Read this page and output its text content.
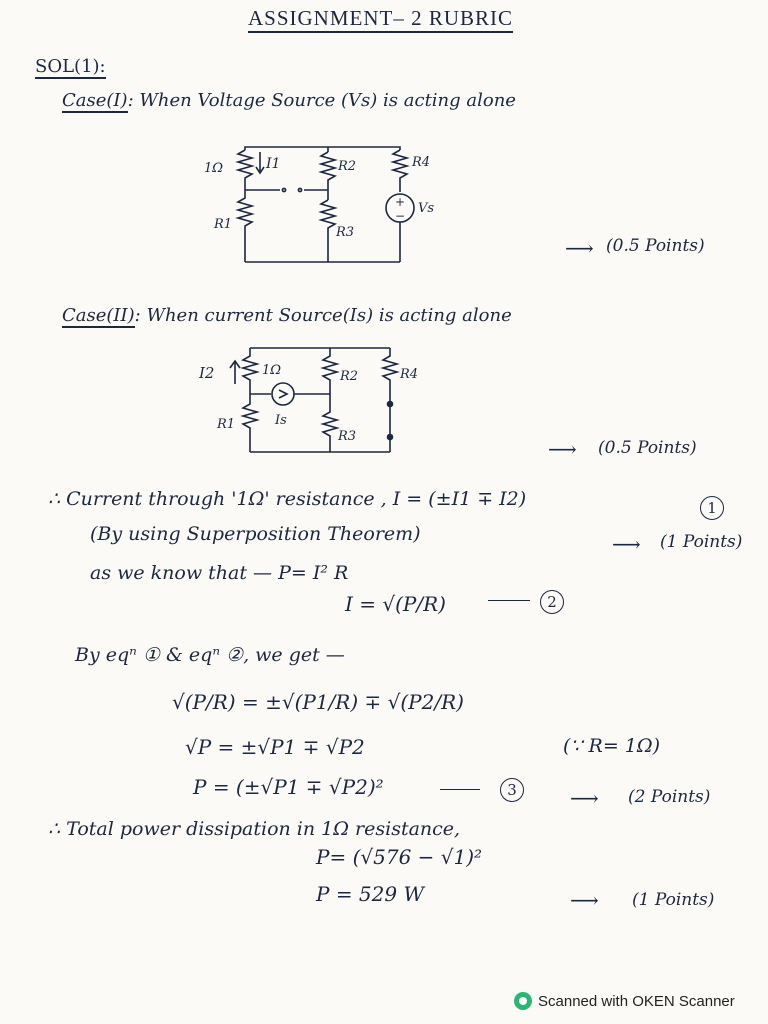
ASSIGNMENT– 2 RUBRIC
SOL(1):
Case(I): When Voltage Source (Vs) is acting alone
1Ω	I1	R2	R4
Vs
R1
R3
+
−
⟶ (0.5 Points)
Case(II): When current Source(Is) is acting alone
I2	1Ω	R2	R4
Is
R1
R3
⟶ (0.5 Points)
∴ Current through '1Ω' resistance , I = (±I1 ∓ I2)	1
⟶ (1 Points)
(By using Superposition Theorem)
as we know that — P= I² R
I = √(P/R)	2
By eqⁿ ① & eqⁿ ②, we get —
√(P/R) = ±√(P1/R) ∓ √(P2/R)
√P = ±√P1 ∓ √P2	(∵ R= 1Ω)
P = (±√P1 ∓ √P2)²	3	⟶ (2 Points)
∴ Total power dissipation in 1Ω resistance,
P= (√576 − √1)²
P = 529 W	⟶ (1 Points)
Scanned with OKEN Scanner
